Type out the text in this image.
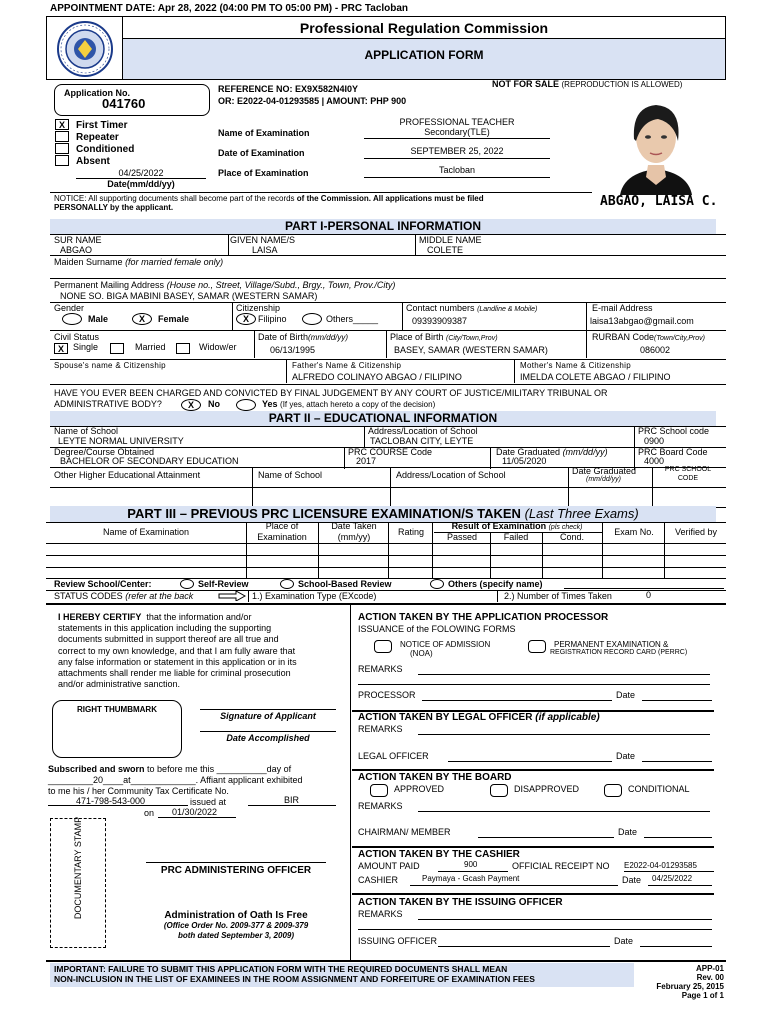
APPOINTMENT DATE: Apr 28, 2022 (04:00 PM TO 05:00 PM) - PRC Tacloban
Professional Regulation Commission
APPLICATION FORM
Application No.
041760
REFERENCE NO: EX9X582N4I0Y
OR: E2022-04-01293585 | AMOUNT: PHP 900
NOT FOR SALE (REPRODUCTION IS ALLOWED)
X	First Timer
Repeater
Conditioned
Absent
04/25/2022
Date(mm/dd/yy)
Name of Examination
PROFESSIONAL TEACHER
Secondary(TLE)
Date of Examination	SEPTEMBER 25, 2022
Place of Examination	Tacloban
ABGAO, LAISA C.
NOTICE: All supporting documents shall become part of the records of the Commission. All applications must be filed
PERSONALLY by the applicant.
PART I-PERSONAL INFORMATION
SUR NAME
ABGAO
GIVEN NAME/S
LAISA
MIDDLE NAME
COLETE
Maiden Surname (for married female only)
Permanent Mailing Address (House no., Street, Village/Subd., Brgy., Town, Prov./City)
NONE SO. BIGA MABINI BASEY, SAMAR (WESTERN SAMAR)
Gender
Male	X	Female
Citizenship
X	Filipino	Others_____
Contact numbers (Landline & Mobile)
09393909387
E-mail Address
laisa13abgao@gmail.com
Civil Status
X	Single	Married	Widow/er
Date of Birth(mm/dd/yy)
06/13/1995
Place of Birth (City/Town,Prov)
BASEY, SAMAR (WESTERN SAMAR)
RURBAN Code(Town/City,Prov)
086002
Spouse's name & Citizenship	Father's Name & Citizenship
ALFREDO COLINAYO ABGAO / FILIPINO
Mother's Name & Citizenship
IMELDA COLETE ABGAO / FILIPINO
HAVE YOU EVER BEEN CHARGED AND CONVICTED BY FINAL JUDGEMENT BY ANY COURT OF JUSTICE/MILITARY TRIBUNAL OR
ADMINISTRATIVE BODY?	X	No	Yes (If yes, attach hereto a copy of the decision)
PART II – EDUCATIONAL INFORMATION
Name of School
LEYTE NORMAL UNIVERSITY
Address/Location of School
TACLOBAN CITY, LEYTE
PRC School code
0900
Degree/Course Obtained
BACHELOR OF SECONDARY EDUCATION
PRC COURSE Code
2017
Date Graduated (mm/dd/yy)
11/05/2020
PRC Board Code
4000
Other Higher Educational Attainment	Name of School	Address/Location of School	Date Graduated
(mm/dd/yy)
PRC SCHOOL
CODE
PART III – PREVIOUS PRC LICENSURE EXAMINATION/S TAKEN (Last Three Exams)
Name of Examination
Place of
Examination
Date Taken
(mm/yy)	Rating
Result of Examination (pls check)
Passed	Failed	Cond.	Exam No.	Verified by
Review School/Center:	Self-Review	School-Based Review	Others (specify name)
STATUS CODES (refer at the back	1.) Examination Type (EXcode)	2.) Number of Times Taken	0
I HEREBY CERTIFY that the information and/or
statements in this application including the supporting
documents submitted in support thereof are all true and
correct to my own knowledge, and that I am fully aware that
any false information or statement in this application or in its
attachments shall render me liable for criminal prosecution
and/or administrative sanction.
RIGHT THUMBMARK
Signature of Applicant
Date Accomplished
Subscribed and sworn to before me this __________day of
_________20____at_____________. Affiant applicant exhibited
to me his / her Community Tax Certificate No.
471-798-543-000	issued at	BIR
on 01/30/2022
DOCUMENTARY STAMP	PRC ADMINISTERING OFFICER
Administration of Oath Is Free
(Office Order No. 2009-377 & 2009-379
both dated September 3, 2009)
ACTION TAKEN BY THE APPLICATION PROCESSOR
ISSUANCE of the FOLOWING FORMS
NOTICE OF ADMISSION
(NOA)
PERMANENT EXAMINATION &
REGISTRATION RECORD CARD (PERRC)
REMARKS
PROCESSOR	Date
ACTION TAKEN BY LEGAL OFFICER (if applicable)
REMARKS
LEGAL OFFICER	Date
ACTION TAKEN BY THE BOARD
APPROVED	DISAPPROVED	CONDITIONAL
REMARKS
CHAIRMAN/ MEMBER	Date
ACTION TAKEN BY THE CASHIER
AMOUNT PAID	900	OFFICIAL RECEIPT NO E2022-04-01293585
CASHIER	Paymaya - Gcash Payment	Date 04/25/2022
ACTION TAKEN BY THE ISSUING OFFICER
REMARKS
ISSUING OFFICER	Date
IMPORTANT: FAILURE TO SUBMIT THIS APPLICATION FORM WITH THE REQUIRED DOCUMENTS SHALL MEAN
NON-INCLUSION IN THE LIST OF EXAMINEES IN THE ROOM ASSIGNMENT AND FORFEITURE OF EXAMINATION FEES
APP-01
Rev. 00
February 25, 2015
Page 1 of 1
